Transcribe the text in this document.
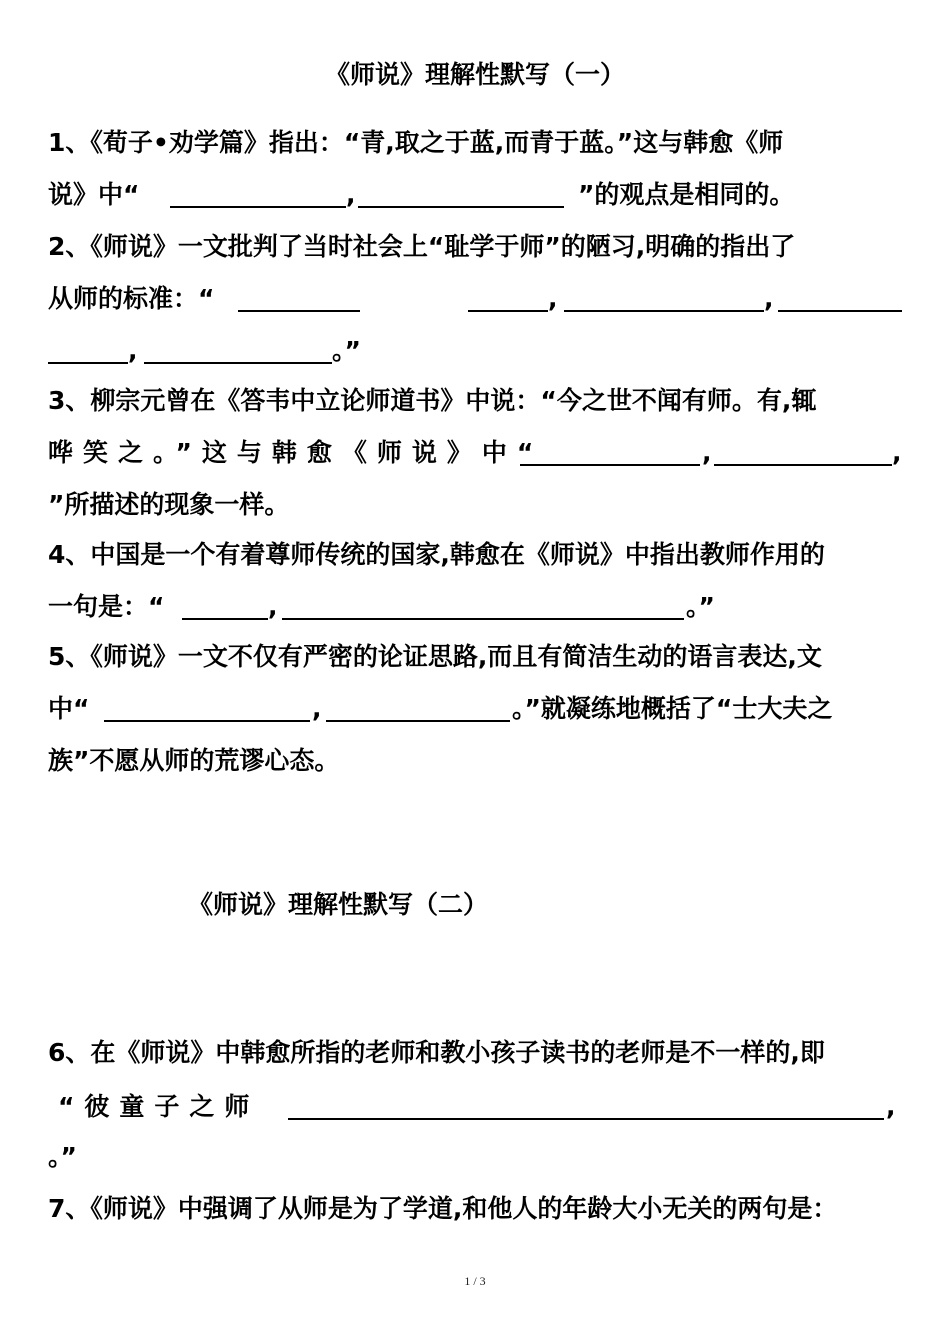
《师说》理解性默写（一）
1、《荀子•劝学篇》指出：“青,取之于蓝,而青于蓝。”这与韩愈《师
说》中“	,	”的观点是相同的。
2、《师说》一文批判了当时社会上“耻学于师”的陋习,明确的指出了
从师的标准：“	,	,
,	。”
3、柳宗元曾在《答韦中立论师道书》中说：“今之世不闻有师。有,辄
哗笑之。”这与韩愈《师说》中“	,	,
”所描述的现象一样。
4、中国是一个有着尊师传统的国家,韩愈在《师说》中指出教师作用的
一句是：“	,	。”
5、《师说》一文不仅有严密的论证思路,而且有简洁生动的语言表达,文
中“	,	。”就凝练地概括了“士大夫之
族”不愿从师的荒谬心态。
《师说》理解性默写（二）
6、在《师说》中韩愈所指的老师和教小孩子读书的老师是不一样的,即
“彼童子之师	,
。”
7、《师说》中强调了从师是为了学道,和他人的年龄大小无关的两句是：
1 / 3
